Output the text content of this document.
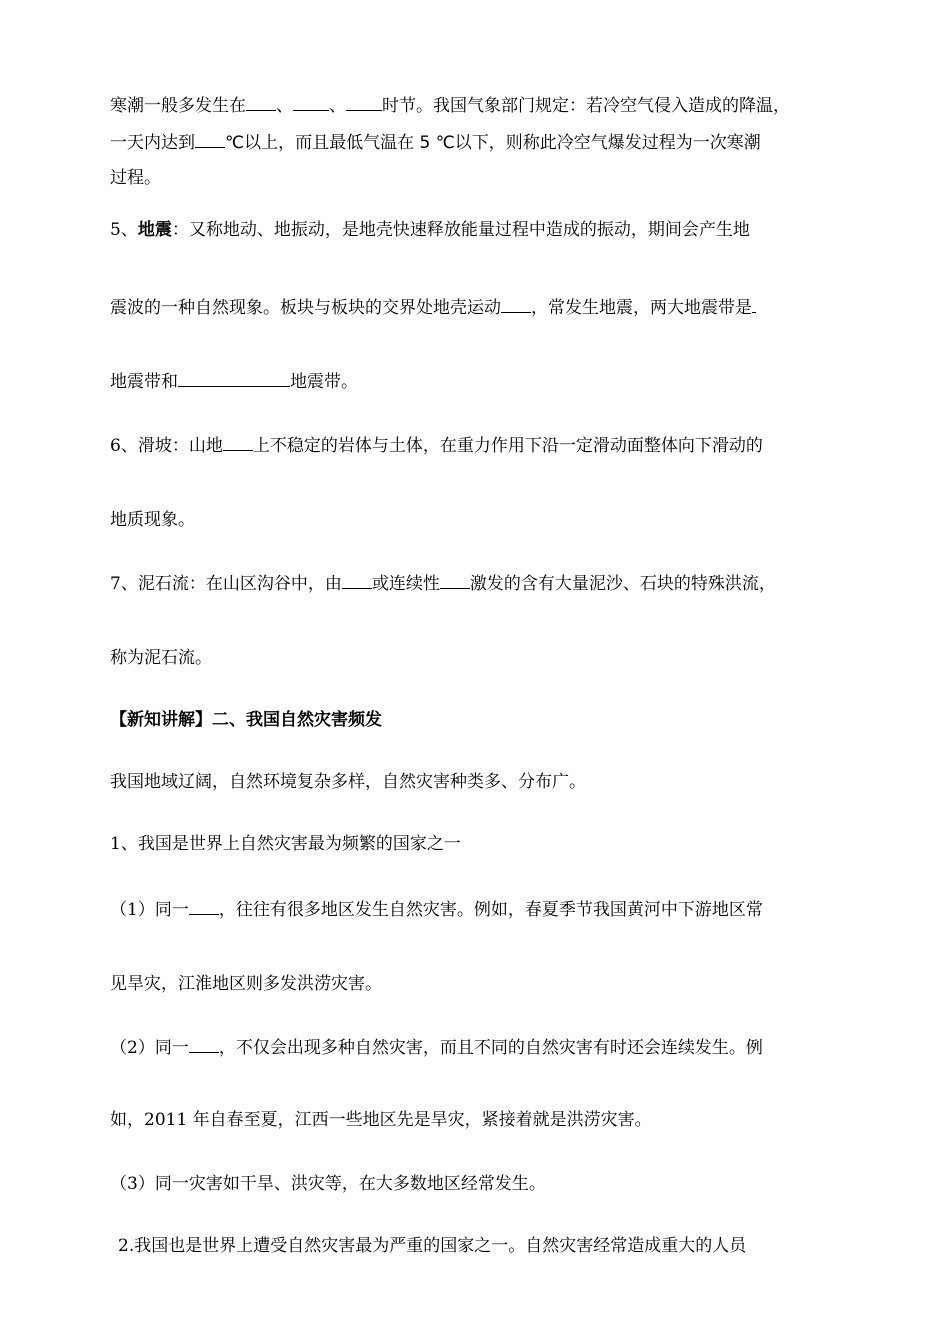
寒潮一般多发生在 、 、 时节。我国气象部门规定：若冷空气侵入造成的降温，
一天内达到 ℃以上，而且最低气温在 5 ℃以下，则称此冷空气爆发过程为一次寒潮
过程。
5、地震：又称地动、地振动，是地壳快速释放能量过程中造成的振动，期间会产生地
震波的一种自然现象。板块与板块的交界处地壳运动 ，常发生地震，两大地震带是
地震带和	地震带。
6、滑坡：山地 上不稳定的岩体与土体，在重力作用下沿一定滑动面整体向下滑动的
地质现象。
7、泥石流：在山区沟谷中，由 或连续性 激发的含有大量泥沙、石块的特殊洪流，
称为泥石流。
【新知讲解】二、我国自然灾害频发
我国地域辽阔，自然环境复杂多样，自然灾害种类多、分布广。
1、我国是世界上自然灾害最为频繁的国家之一
（1）同一 ，往往有很多地区发生自然灾害。例如，春夏季节我国黄河中下游地区常
见旱灾，江淮地区则多发洪涝灾害。
（2）同一 ，不仅会出现多种自然灾害，而且不同的自然灾害有时还会连续发生。例
如，2011 年自春至夏，江西一些地区先是旱灾，紧接着就是洪涝灾害。
（3）同一灾害如干旱、洪灾等，在大多数地区经常发生。
2.我国也是世界上遭受自然灾害最为严重的国家之一。自然灾害经常造成重大的人员
